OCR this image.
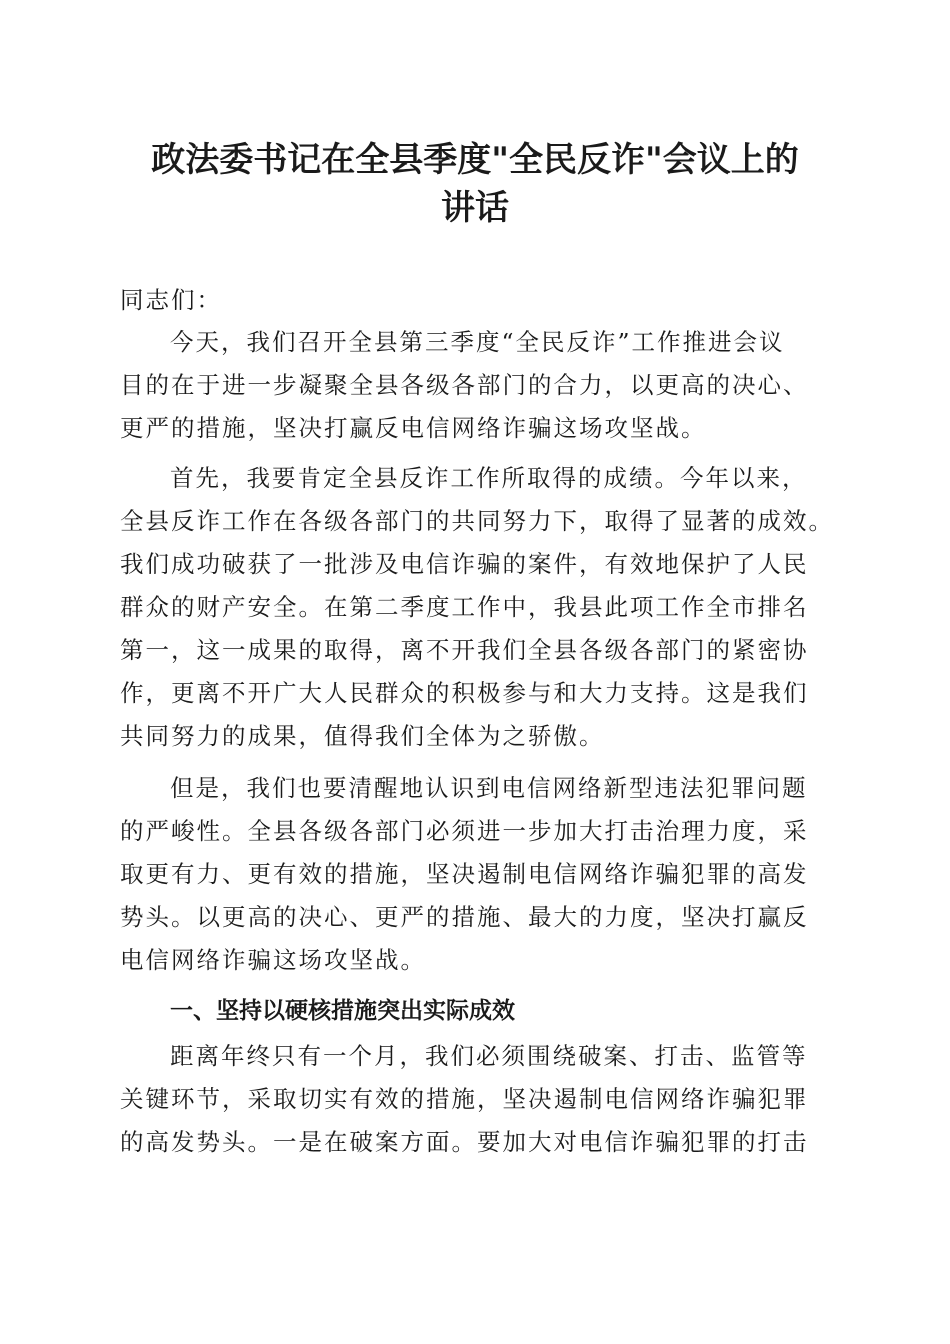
政法委书记在全县季度"全民反诈"会议上的
讲话

同志们：

今天，我们召开全县第三季度“全民反诈”工作推进会议

目的在于进一步凝聚全县各级各部门的合力，以更高的决心、

更严的措施，坚决打赢反电信网络诈骗这场攻坚战。

首先，我要肯定全县反诈工作所取得的成绩。今年以来，

全县反诈工作在各级各部门的共同努力下，取得了显著的成效。

我们成功破获了一批涉及电信诈骗的案件，有效地保护了人民

群众的财产安全。在第二季度工作中，我县此项工作全市排名

第一，这一成果的取得，离不开我们全县各级各部门的紧密协

作，更离不开广大人民群众的积极参与和大力支持。这是我们

共同努力的成果，值得我们全体为之骄傲。

但是，我们也要清醒地认识到电信网络新型违法犯罪问题

的严峻性。全县各级各部门必须进一步加大打击治理力度，采

取更有力、更有效的措施，坚决遏制电信网络诈骗犯罪的高发

势头。以更高的决心、更严的措施、最大的力度，坚决打赢反

电信网络诈骗这场攻坚战。

一、坚持以硬核措施突出实际成效

距离年终只有一个月，我们必须围绕破案、打击、监管等

关键环节，采取切实有效的措施，坚决遏制电信网络诈骗犯罪

的高发势头。一是在破案方面。要加大对电信诈骗犯罪的打击
